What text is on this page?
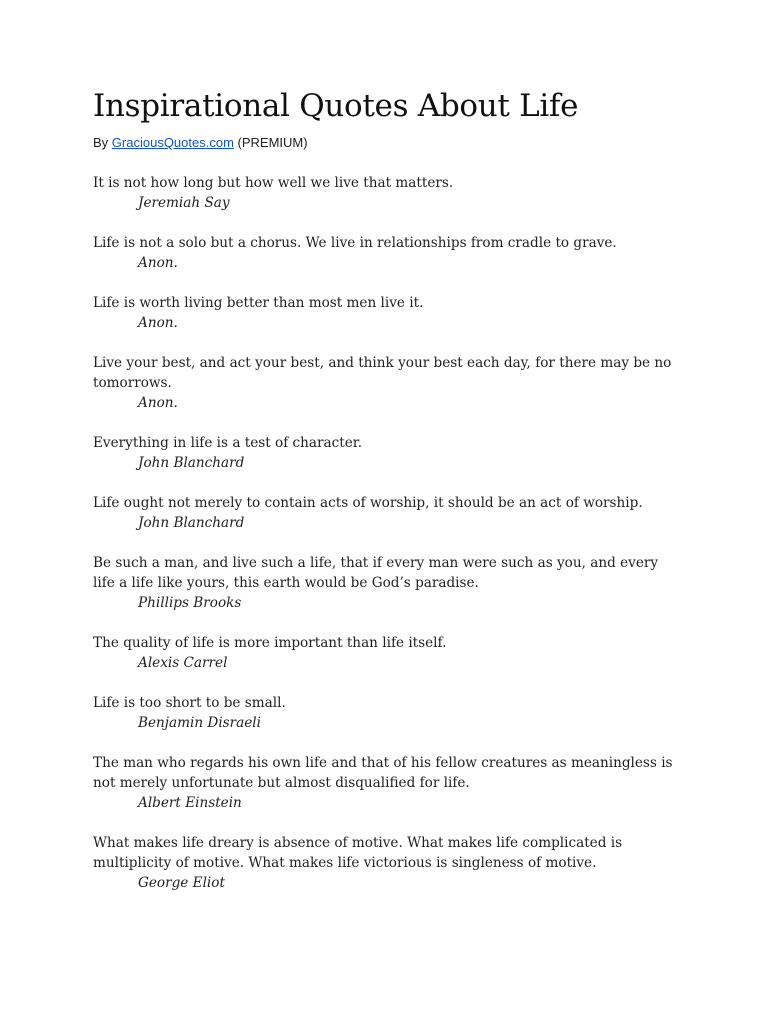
Inspirational Quotes About Life
By GraciousQuotes.com (PREMIUM)

It is not how long but how well we live that matters.

Jeremiah Say

Life is not a solo but a chorus. We live in relationships from cradle to grave.

Anon.

Life is worth living better than most men live it.

Anon.

Live your best, and act your best, and think your best each day, for there may be no tomorrows.

Anon.

Everything in life is a test of character.

John Blanchard

Life ought not merely to contain acts of worship, it should be an act of worship.

John Blanchard

Be such a man, and live such a life, that if every man were such as you, and every life a life like yours, this earth would be God’s paradise.

Phillips Brooks

The quality of life is more important than life itself.

Alexis Carrel

Life is too short to be small.

Benjamin Disraeli

The man who regards his own life and that of his fellow creatures as meaningless is not merely unfortunate but almost disqualified for life.

Albert Einstein

What makes life dreary is absence of motive. What makes life complicated is multiplicity of motive. What makes life victorious is singleness of motive.

George Eliot
